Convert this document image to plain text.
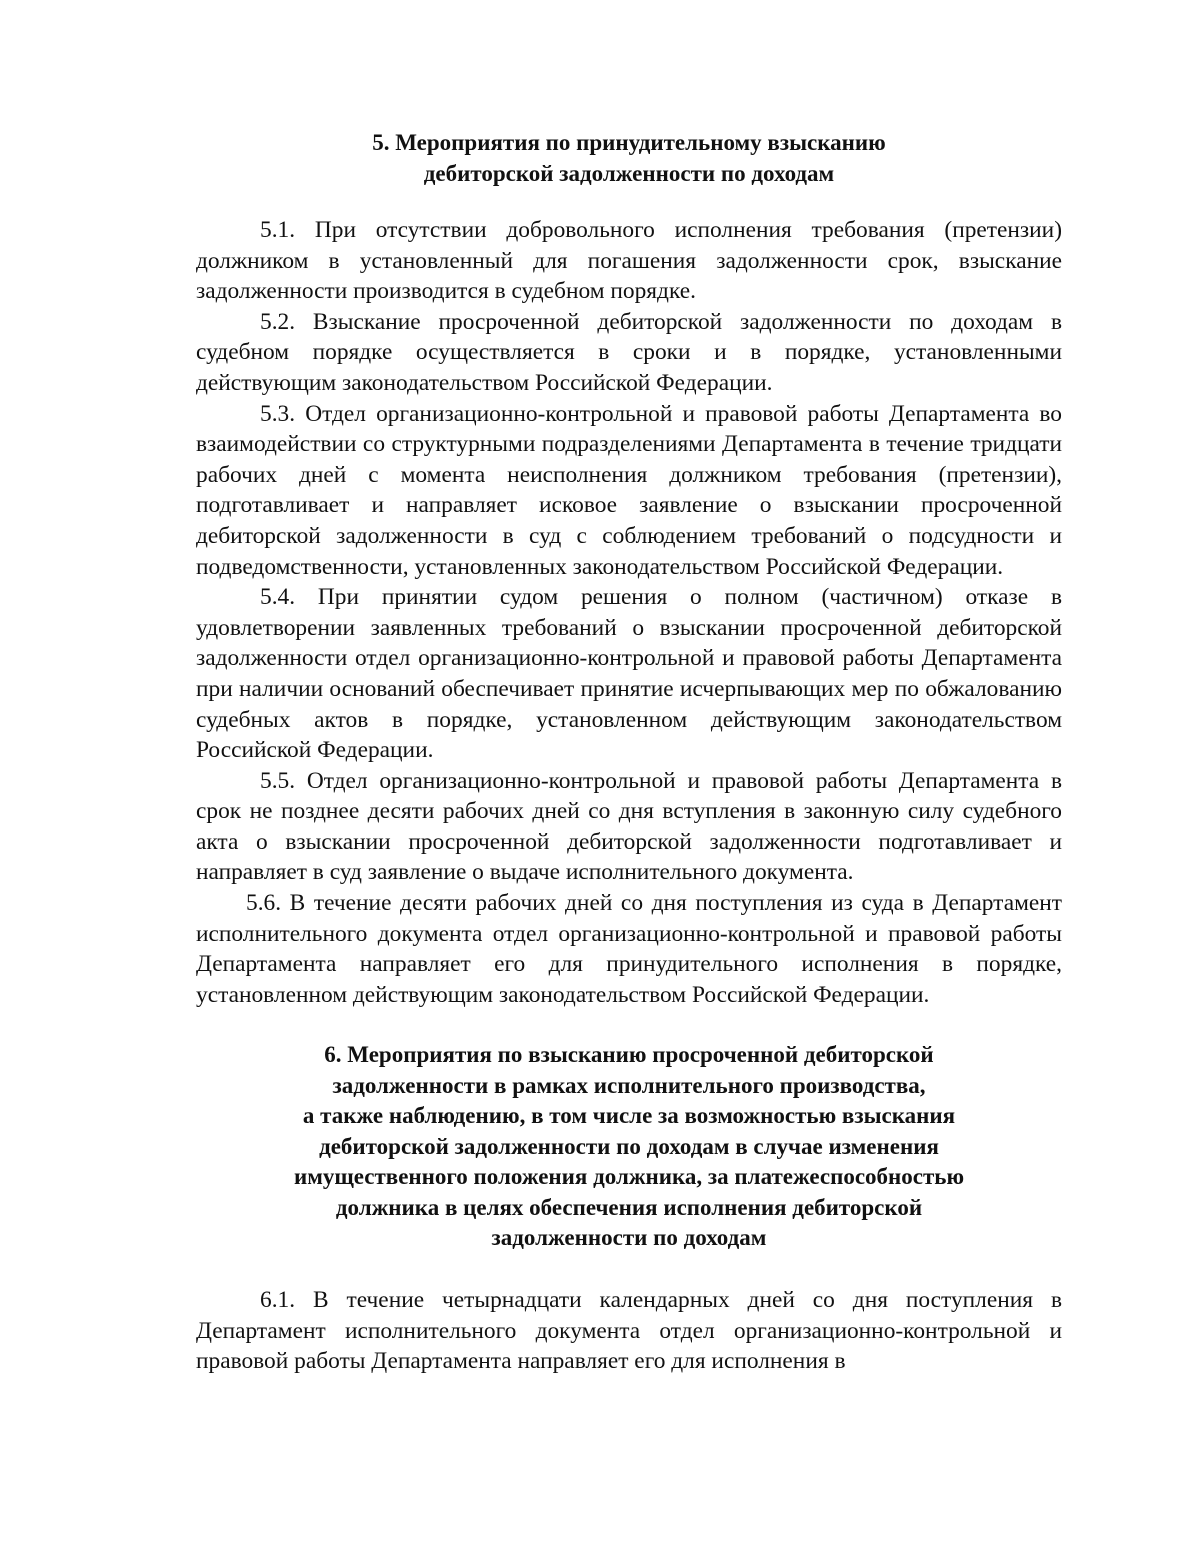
5. Мероприятия по принудительному взысканию
дебиторской задолженности по доходам

5.1. При отсутствии добровольного исполнения требования (претензии) должником в установленный для погашения задолженности срок, взыскание задолженности производится в судебном порядке.

5.2. Взыскание просроченной дебиторской задолженности по доходам в судебном порядке осуществляется в сроки и в порядке, установленными действующим законодательством Российской Федерации.

5.3. Отдел организационно-контрольной и правовой работы Департамента во взаимодействии со структурными подразделениями Департамента в течение тридцати рабочих дней с момента неисполнения должником требования (претензии), подготавливает и направляет исковое заявление о взыскании просроченной дебиторской задолженности в суд с соблюдением требований о подсудности и подведомственности, установленных законодательством Российской Федерации.

5.4. При принятии судом решения о полном (частичном) отказе в удовлетворении заявленных требований о взыскании просроченной дебиторской задолженности отдел организационно-контрольной и правовой работы Департамента при наличии оснований обеспечивает принятие исчерпывающих мер по обжалованию судебных актов в порядке, установленном действующим законодательством Российской Федерации.

5.5. Отдел организационно-контрольной и правовой работы Департамента в срок не позднее десяти рабочих дней со дня вступления в законную силу судебного акта о взыскании просроченной дебиторской задолженности подготавливает и направляет в суд заявление о выдаче исполнительного документа.

5.6. В течение десяти рабочих дней со дня поступления из суда в Департамент исполнительного документа отдел организационно-контрольной и правовой работы Департамента направляет его для принудительного исполнения в порядке, установленном действующим законодательством Российской Федерации.

6. Мероприятия по взысканию просроченной дебиторской
задолженности в рамках исполнительного производства,
а также наблюдению, в том числе за возможностью взыскания
дебиторской задолженности по доходам в случае изменения
имущественного положения должника, за платежеспособностью
должника в целях обеспечения исполнения дебиторской
задолженности по доходам

6.1. В течение четырнадцати календарных дней со дня поступления в Департамент исполнительного документа отдел организационно-контрольной и правовой работы Департамента направляет его для исполнения в
